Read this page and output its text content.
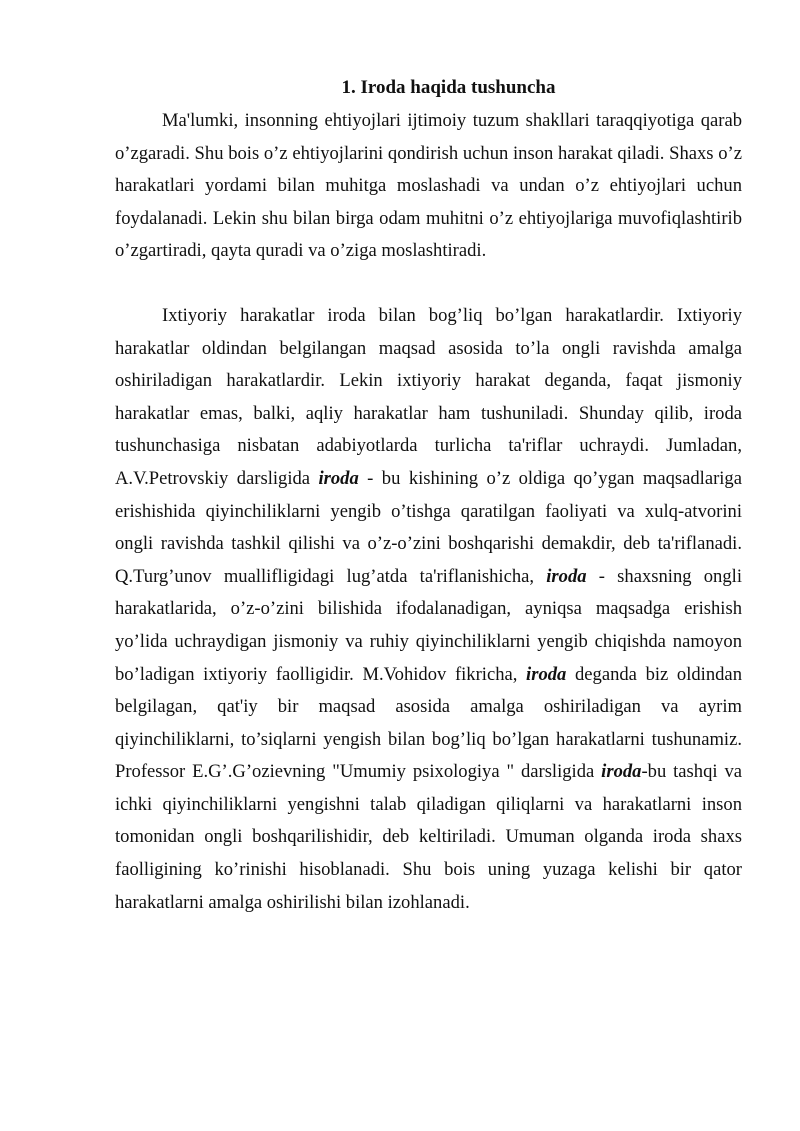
1. Iroda haqida tushuncha

Ma'lumki, insonning ehtiyojlari ijtimoiy tuzum shakllari taraqqiyotiga qarab o’zgaradi. Shu bois o’z ehtiyojlarini qondirish uchun inson harakat qiladi. Shaxs o’z harakatlari yordami bilan muhitga moslashadi va undan o’z ehtiyojlari uchun foydalanadi. Lekin shu bilan birga odam muhitni o’z ehtiyojlariga muvofiqlashtirib o’zgartiradi, qayta quradi va o’ziga moslashtiradi.

Ixtiyoriy harakatlar iroda bilan bog’liq bo’lgan harakatlardir. Ixtiyoriy harakatlar oldindan belgilangan maqsad asosida to’la ongli ravishda amalga oshiriladigan harakatlardir. Lekin ixtiyoriy harakat deganda, faqat jismoniy harakatlar emas, balki, aqliy harakatlar ham tushuniladi. Shunday qilib, iroda tushunchasiga nisbatan adabiyotlarda turlicha ta'riflar uchraydi. Jumladan, A.V.Petrovskiy darsligida iroda - bu kishining o’z oldiga qo’ygan maqsadlariga erishishida qiyinchiliklarni yengib o’tishga qaratilgan faoliyati va xulq-atvorini ongli ravishda tashkil qilishi va o’z-o’zini boshqarishi demakdir, deb ta'riflanadi. Q.Turg’unov muallifligidagi lug’atda ta'riflanishicha, iroda - shaxsning ongli harakatlarida, o’z-o’zini bilishida ifodalanadigan, ayniqsa maqsadga erishish yo’lida uchraydigan jismoniy va ruhiy qiyinchiliklarni yengib chiqishda namoyon bo’ladigan ixtiyoriy faolligidir. M.Vohidov fikricha, iroda deganda biz oldindan belgilagan, qat'iy bir maqsad asosida amalga oshiriladigan va ayrim qiyinchiliklarni, to’siqlarni yengish bilan bog’liq bo’lgan harakatlarni tushunamiz. Professor E.G’.G’ozievning "Umumiy psixologiya " darsligida iroda-bu tashqi va ichki qiyinchiliklarni yengishni talab qiladigan qiliqlarni va harakatlarni inson tomonidan ongli boshqarilishidir, deb keltiriladi. Umuman olganda iroda shaxs faolligining ko’rinishi hisoblanadi. Shu bois uning yuzaga kelishi bir qator harakatlarni amalga oshirilishi bilan izohlanadi.
